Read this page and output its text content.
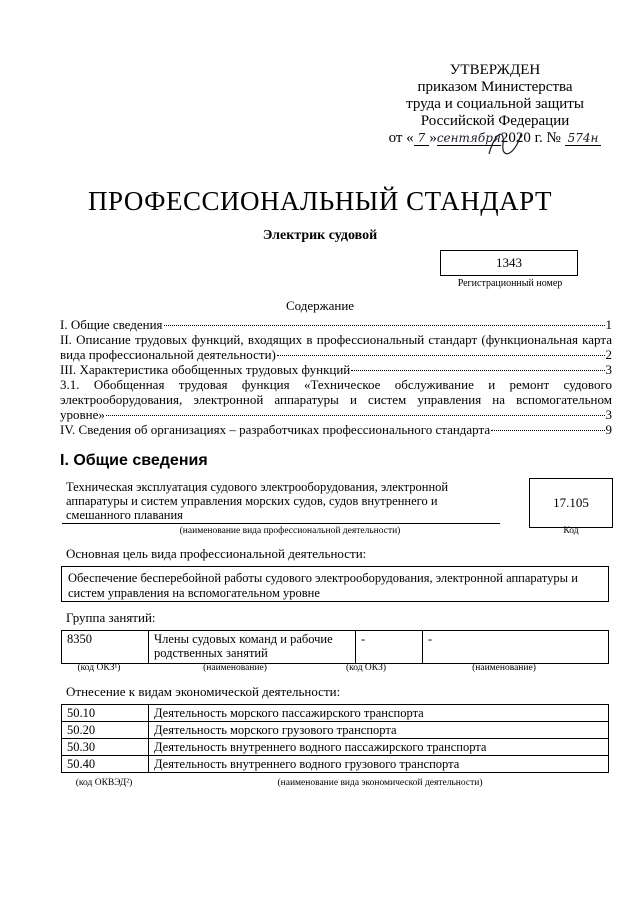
УТВЕРЖДЕН
приказом Министерства
труда и социальной защиты
Российской Федерации
от « 7 »сентября2020 г. № 574н
ПРОФЕССИОНАЛЬНЫЙ СТАНДАРТ
Электрик судовой
1343
Регистрационный номер
Содержание
I. Общие сведения	1
II. Описание трудовых функций, входящих в профессиональный стандарт (функциональная карта
вида профессиональной деятельности)	2
III. Характеристика обобщенных трудовых функций	3
3.1. Обобщенная трудовая функция «Техническое обслуживание и ремонт судового
электрооборудования, электронной аппаратуры и систем управления на вспомогательном
уровне»	3
IV. Сведения об организациях – разработчиках профессионального стандарта	9
I. Общие сведения
Техническая эксплуатация судового электрооборудования, электронной аппаратуры и систем управления морских судов, судов внутреннего и смешанного плавания
(наименование вида профессиональной деятельности)
17.105
Код
Основная цель вида профессиональной деятельности:
Обеспечение бесперебойной работы судового электрооборудования, электронной аппаратуры и систем управления на вспомогательном уровне
Группа занятий:
8350	Члены судовых команд и рабочие родственных занятий	-	-
(код ОКЗ¹)	(наименование)	(код ОКЗ)	(наименование)
Отнесение к видам экономической деятельности:
50.10	Деятельность морского пассажирского транспорта
50.20	Деятельность морского грузового транспорта
50.30	Деятельность внутреннего водного пассажирского транспорта
50.40	Деятельность внутреннего водного грузового транспорта
(код ОКВЭД²)	(наименование вида экономической деятельности)
